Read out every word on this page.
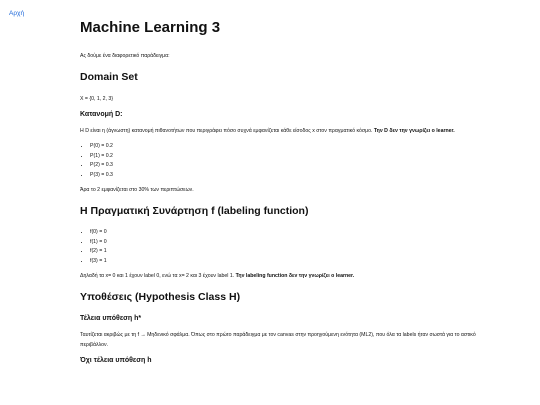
Αρχή
Machine Learning 3

Ας δούμε ένα διαφορετικό παράδειγμα:

Domain Set

X = {0, 1, 2, 3}

Κατανομή D:

Η D είναι η (άγνωστη) κατανομή πιθανοτήτων που περιγράφει πόσο συχνά εμφανίζεται κάθε είσοδος x στον πραγματικό κόσμο. Την D δεν την γνωρίζει ο learner.

• P(0) = 0.2
• P(1) = 0.2
• P(2) = 0.3
• P(3) = 0.3

Άρα το 2 εμφανίζεται στο 30% των περιπτώσεων.

Η Πραγματική Συνάρτηση f (labeling function)
• f(0) = 0
• f(1) = 0
• f(2) = 1
• f(3) = 1

Δηλαδή τα x= 0 και 1 έχουν label 0, ενώ τα x= 2 και 3 έχουν label 1. Την labeling function δεν την γνωρίζει ο learner.

Υποθέσεις (Hypothesis Class H)
Τέλεια υπόθεση h*

Ταυτίζεται ακριβώς με τη f → Μηδενικό σφάλμα. Όπως στο πρώτο παράδειγμα με τον canvas στην προηγούμενη ενότητα (ML2), που όλα τα labels ήταν σωστά για το αστικό περιβάλλον.

Όχι τέλεια υπόθεση h
